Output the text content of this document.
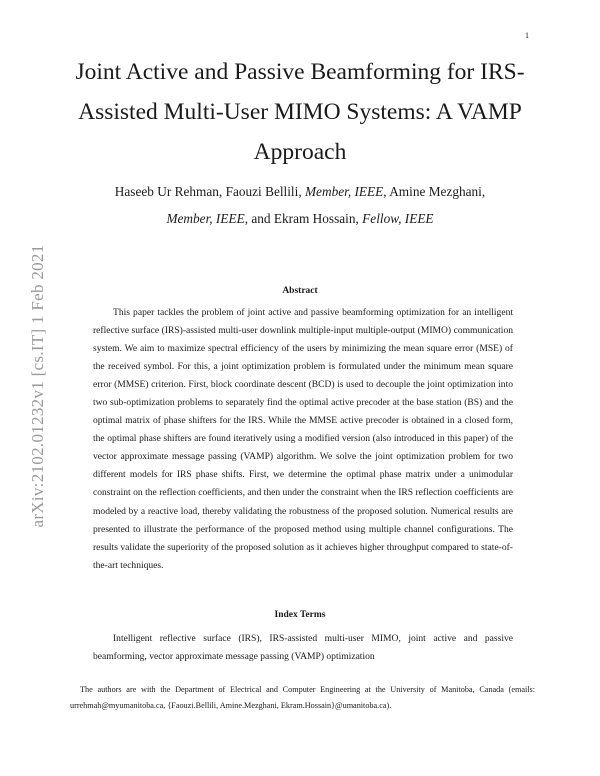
1
arXiv:2102.01232v1 [cs.IT] 1 Feb 2021
Joint Active and Passive Beamforming for IRS-Assisted Multi-User MIMO Systems: A VAMP Approach

Haseeb Ur Rehman, Faouzi Bellili, Member, IEEE, Amine Mezghani, Member, IEEE, and Ekram Hossain, Fellow, IEEE

Abstract

This paper tackles the problem of joint active and passive beamforming optimization for an intelligent reflective surface (IRS)-assisted multi-user downlink multiple-input multiple-output (MIMO) communication system. We aim to maximize spectral efficiency of the users by minimizing the mean square error (MSE) of the received symbol. For this, a joint optimization problem is formulated under the minimum mean square error (MMSE) criterion. First, block coordinate descent (BCD) is used to decouple the joint optimization into two sub-optimization problems to separately find the optimal active precoder at the base station (BS) and the optimal matrix of phase shifters for the IRS. While the MMSE active precoder is obtained in a closed form, the optimal phase shifters are found iteratively using a modified version (also introduced in this paper) of the vector approximate message passing (VAMP) algorithm. We solve the joint optimization problem for two different models for IRS phase shifts. First, we determine the optimal phase matrix under a unimodular constraint on the reflection coefficients, and then under the constraint when the IRS reflection coefficients are modeled by a reactive load, thereby validating the robustness of the proposed solution. Numerical results are presented to illustrate the performance of the proposed method using multiple channel configurations. The results validate the superiority of the proposed solution as it achieves higher throughput compared to state-of-the-art techniques.

Index Terms

Intelligent reflective surface (IRS), IRS-assisted multi-user MIMO, joint active and passive beamforming, vector approximate message passing (VAMP) optimization

The authors are with the Department of Electrical and Computer Engineering at the University of Manitoba, Canada (emails: urrehmah@myumanitoba.ca, {Faouzi.Bellili, Amine.Mezghani, Ekram.Hossain}@umanitoba.ca).
